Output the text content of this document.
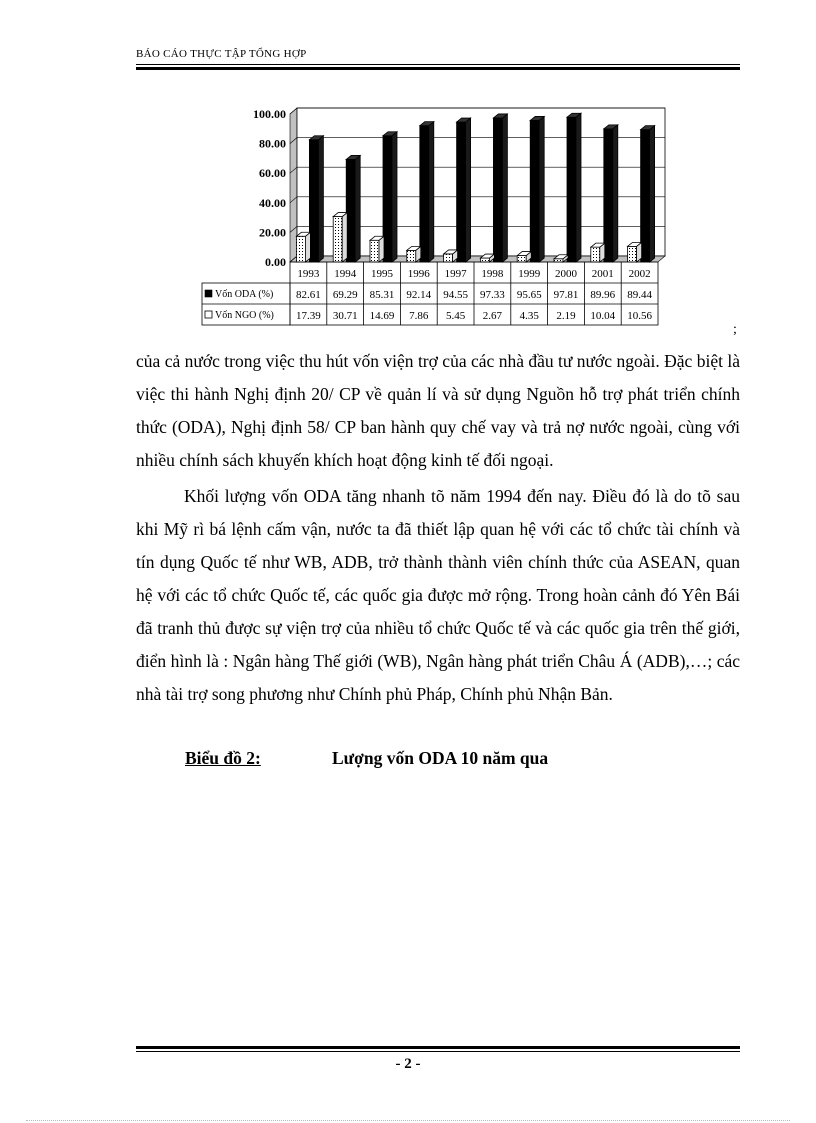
BÁO CÁO THỰC TẬP TỔNG HỢP
0.00
20.00
40.00
60.00
80.00
100.00
1993 1994 1995 1996 1997 1998 1999 2000 2001 2002
Vốn ODA (%)
Vốn NGO (%)
82.61 69.29 85.31 92.14 94.55 97.33 95.65 97.81 89.96 89.44
17.39 30.71 14.69 7.86 5.45 2.67 4.35 2.19 10.04 10.56
;

của cả nước trong việc thu hút vốn viện trợ của các nhà đầu tư nước ngoài. Đặc biệt là việc thi hành Nghị định 20/ CP về quản lí và sử dụng Nguồn hỗ trợ phát triển chính thức (ODA), Nghị định 58/ CP ban hành quy chế vay và trả nợ nước ngoài, cùng với nhiều chính sách khuyến khích hoạt động kinh tế đối ngoại.

Khối lượng vốn ODA tăng nhanh tõ năm 1994 đến nay. Điều đó là do tõ sau khi Mỹ rì bá lệnh cấm vận, nước ta đã thiết lập quan hệ với các tổ chức tài chính và tín dụng Quốc tế như WB, ADB, trở thành thành viên chính thức của ASEAN, quan hệ với các tổ chức Quốc tế, các quốc gia được mở rộng. Trong hoàn cảnh đó Yên Bái đã tranh thủ được sự viện trợ của nhiều tổ chức Quốc tế và các quốc gia trên thế giới, điển hình là : Ngân hàng Thế giới (WB), Ngân hàng phát triển Châu Á (ADB),…; các nhà tài trợ song phương như Chính phủ Pháp, Chính phủ Nhận Bản.

Biểu đồ 2:	Lượng vốn ODA 10 năm qua
- 2 -
